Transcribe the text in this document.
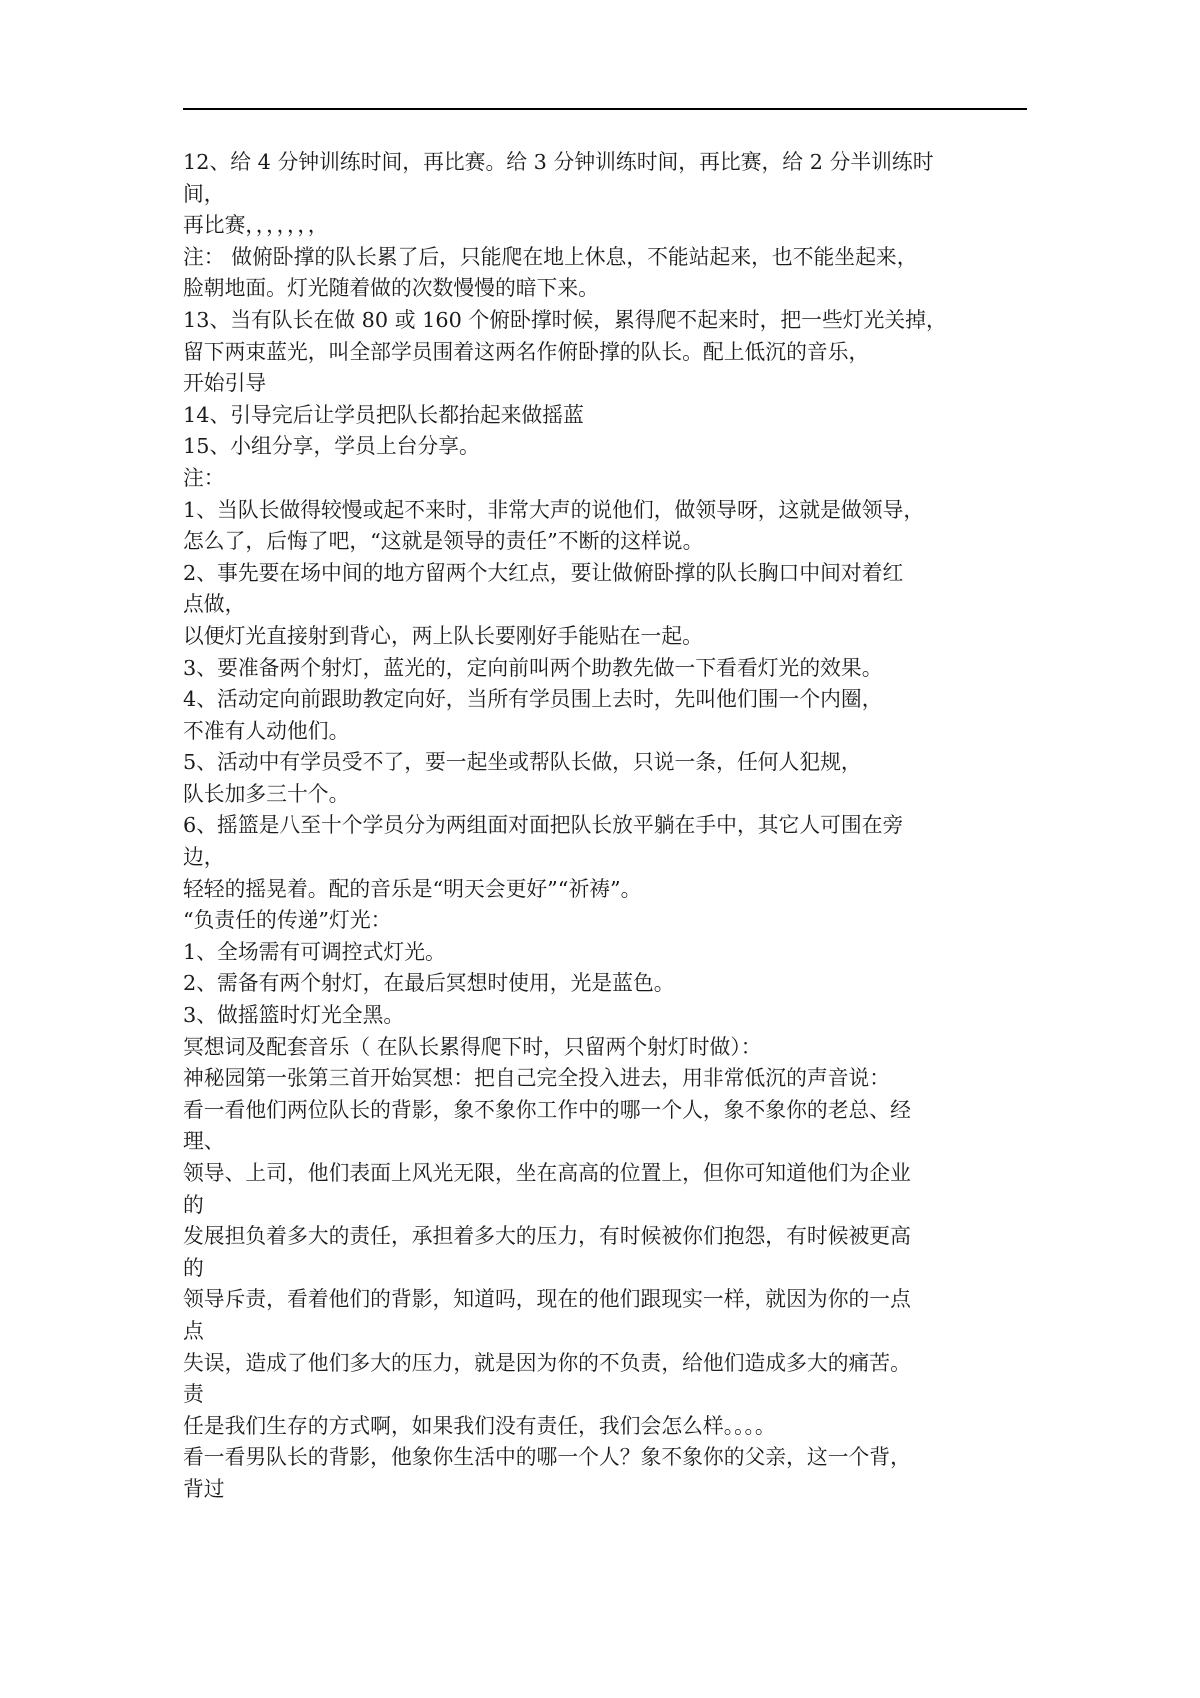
12、给 4 分钟训练时间，再比赛。给 3 分钟训练时间，再比赛，给 2 分半训练时
间，
再比赛，，，，，，，
注： 做俯卧撑的队长累了后，只能爬在地上休息，不能站起来，也不能坐起来，
脸朝地面。灯光随着做的次数慢慢的暗下来。
13、当有队长在做 80 或 160 个俯卧撑时候，累得爬不起来时，把一些灯光关掉，
留下两束蓝光，叫全部学员围着这两名作俯卧撑的队长。配上低沉的音乐，
开始引导
14、引导完后让学员把队长都抬起来做摇蓝
15、小组分享，学员上台分享。
注：
1、当队长做得较慢或起不来时，非常大声的说他们，做领导呀，这就是做领导，
怎么了，后悔了吧，“这就是领导的责任”不断的这样说。
2、事先要在场中间的地方留两个大红点，要让做俯卧撑的队长胸口中间对着红
点做，
以便灯光直接射到背心，两上队长要刚好手能贴在一起。
3、要准备两个射灯，蓝光的，定向前叫两个助教先做一下看看灯光的效果。
4、活动定向前跟助教定向好，当所有学员围上去时，先叫他们围一个内圈，
不准有人动他们。
5、活动中有学员受不了，要一起坐或帮队长做，只说一条，任何人犯规，
队长加多三十个。
6、摇篮是八至十个学员分为两组面对面把队长放平躺在手中，其它人可围在旁
边，
轻轻的摇晃着。配的音乐是“明天会更好”“祈祷”。
“负责任的传递”灯光：
1、全场需有可调控式灯光。
2、需备有两个射灯，在最后冥想时使用，光是蓝色。
3、做摇篮时灯光全黑。
冥想词及配套音乐（ 在队长累得爬下时，只留两个射灯时做）：
神秘园第一张第三首开始冥想：把自己完全投入进去，用非常低沉的声音说：
看一看他们两位队长的背影，象不象你工作中的哪一个人，象不象你的老总、经
理、
领导、上司，他们表面上风光无限，坐在高高的位置上，但你可知道他们为企业
的
发展担负着多大的责任，承担着多大的压力，有时候被你们抱怨，有时候被更高
的
领导斥责，看着他们的背影，知道吗，现在的他们跟现实一样，就因为你的一点
点
失误，造成了他们多大的压力，就是因为你的不负责，给他们造成多大的痛苦。
责
任是我们生存的方式啊，如果我们没有责任，我们会怎么样。。。。
看一看男队长的背影，他象你生活中的哪一个人？象不象你的父亲，这一个背，
背过
